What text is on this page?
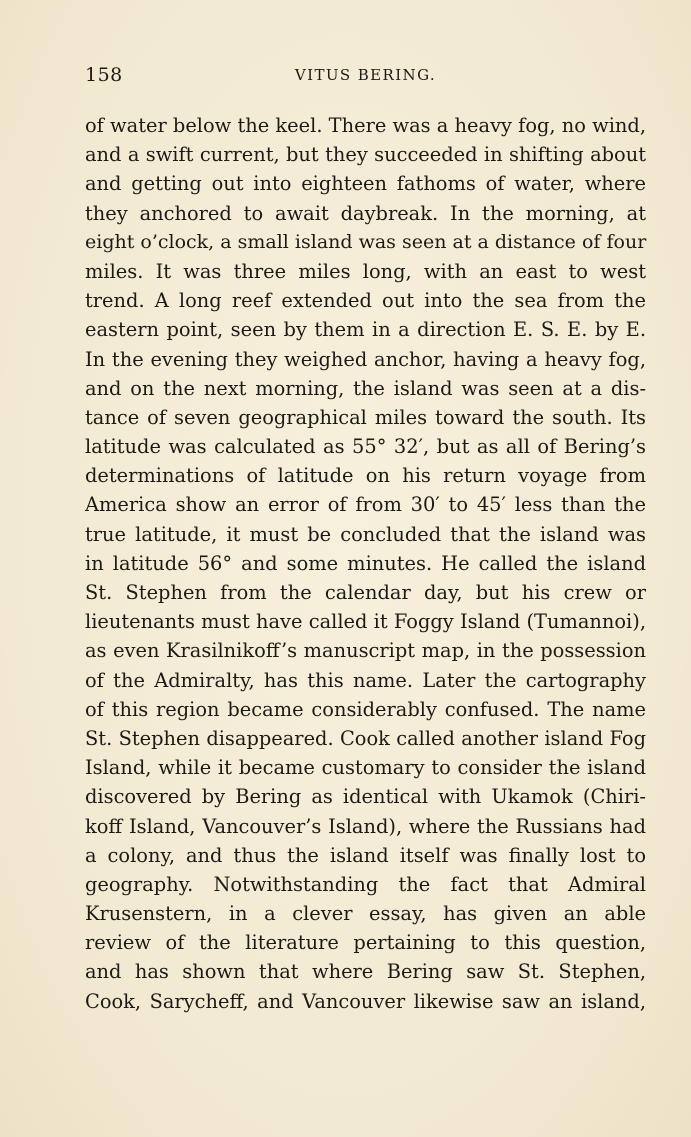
158	VITUS BERING.
of water below the keel. There was a heavy fog, no wind,
and a swift current, but they succeeded in shifting about
and getting out into eighteen fathoms of water, where
they anchored to await daybreak. In the morning, at
eight o’clock, a small island was seen at a distance of four
miles. It was three miles long, with an east to west
trend. A long reef extended out into the sea from the
eastern point, seen by them in a direction E. S. E. by E.
In the evening they weighed anchor, having a heavy fog,
and on the next morning, the island was seen at a dis-
tance of seven geographical miles toward the south. Its
latitude was calculated as 55° 32′, but as all of Bering’s
determinations of latitude on his return voyage from
America show an error of from 30′ to 45′ less than the
true latitude, it must be concluded that the island was
in latitude 56° and some minutes. He called the island
St. Stephen from the calendar day, but his crew or
lieutenants must have called it Foggy Island (Tumannoi),
as even Krasilnikoff’s manuscript map, in the possession
of the Admiralty, has this name. Later the cartography
of this region became considerably confused. The name
St. Stephen disappeared. Cook called another island Fog
Island, while it became customary to consider the island
discovered by Bering as identical with Ukamok (Chiri-
koff Island, Vancouver’s Island), where the Russians had
a colony, and thus the island itself was finally lost to
geography. Notwithstanding the fact that Admiral
Krusenstern, in a clever essay, has given an able
review of the literature pertaining to this question,
and has shown that where Bering saw St. Stephen,
Cook, Sarycheff, and Vancouver likewise saw an island,
